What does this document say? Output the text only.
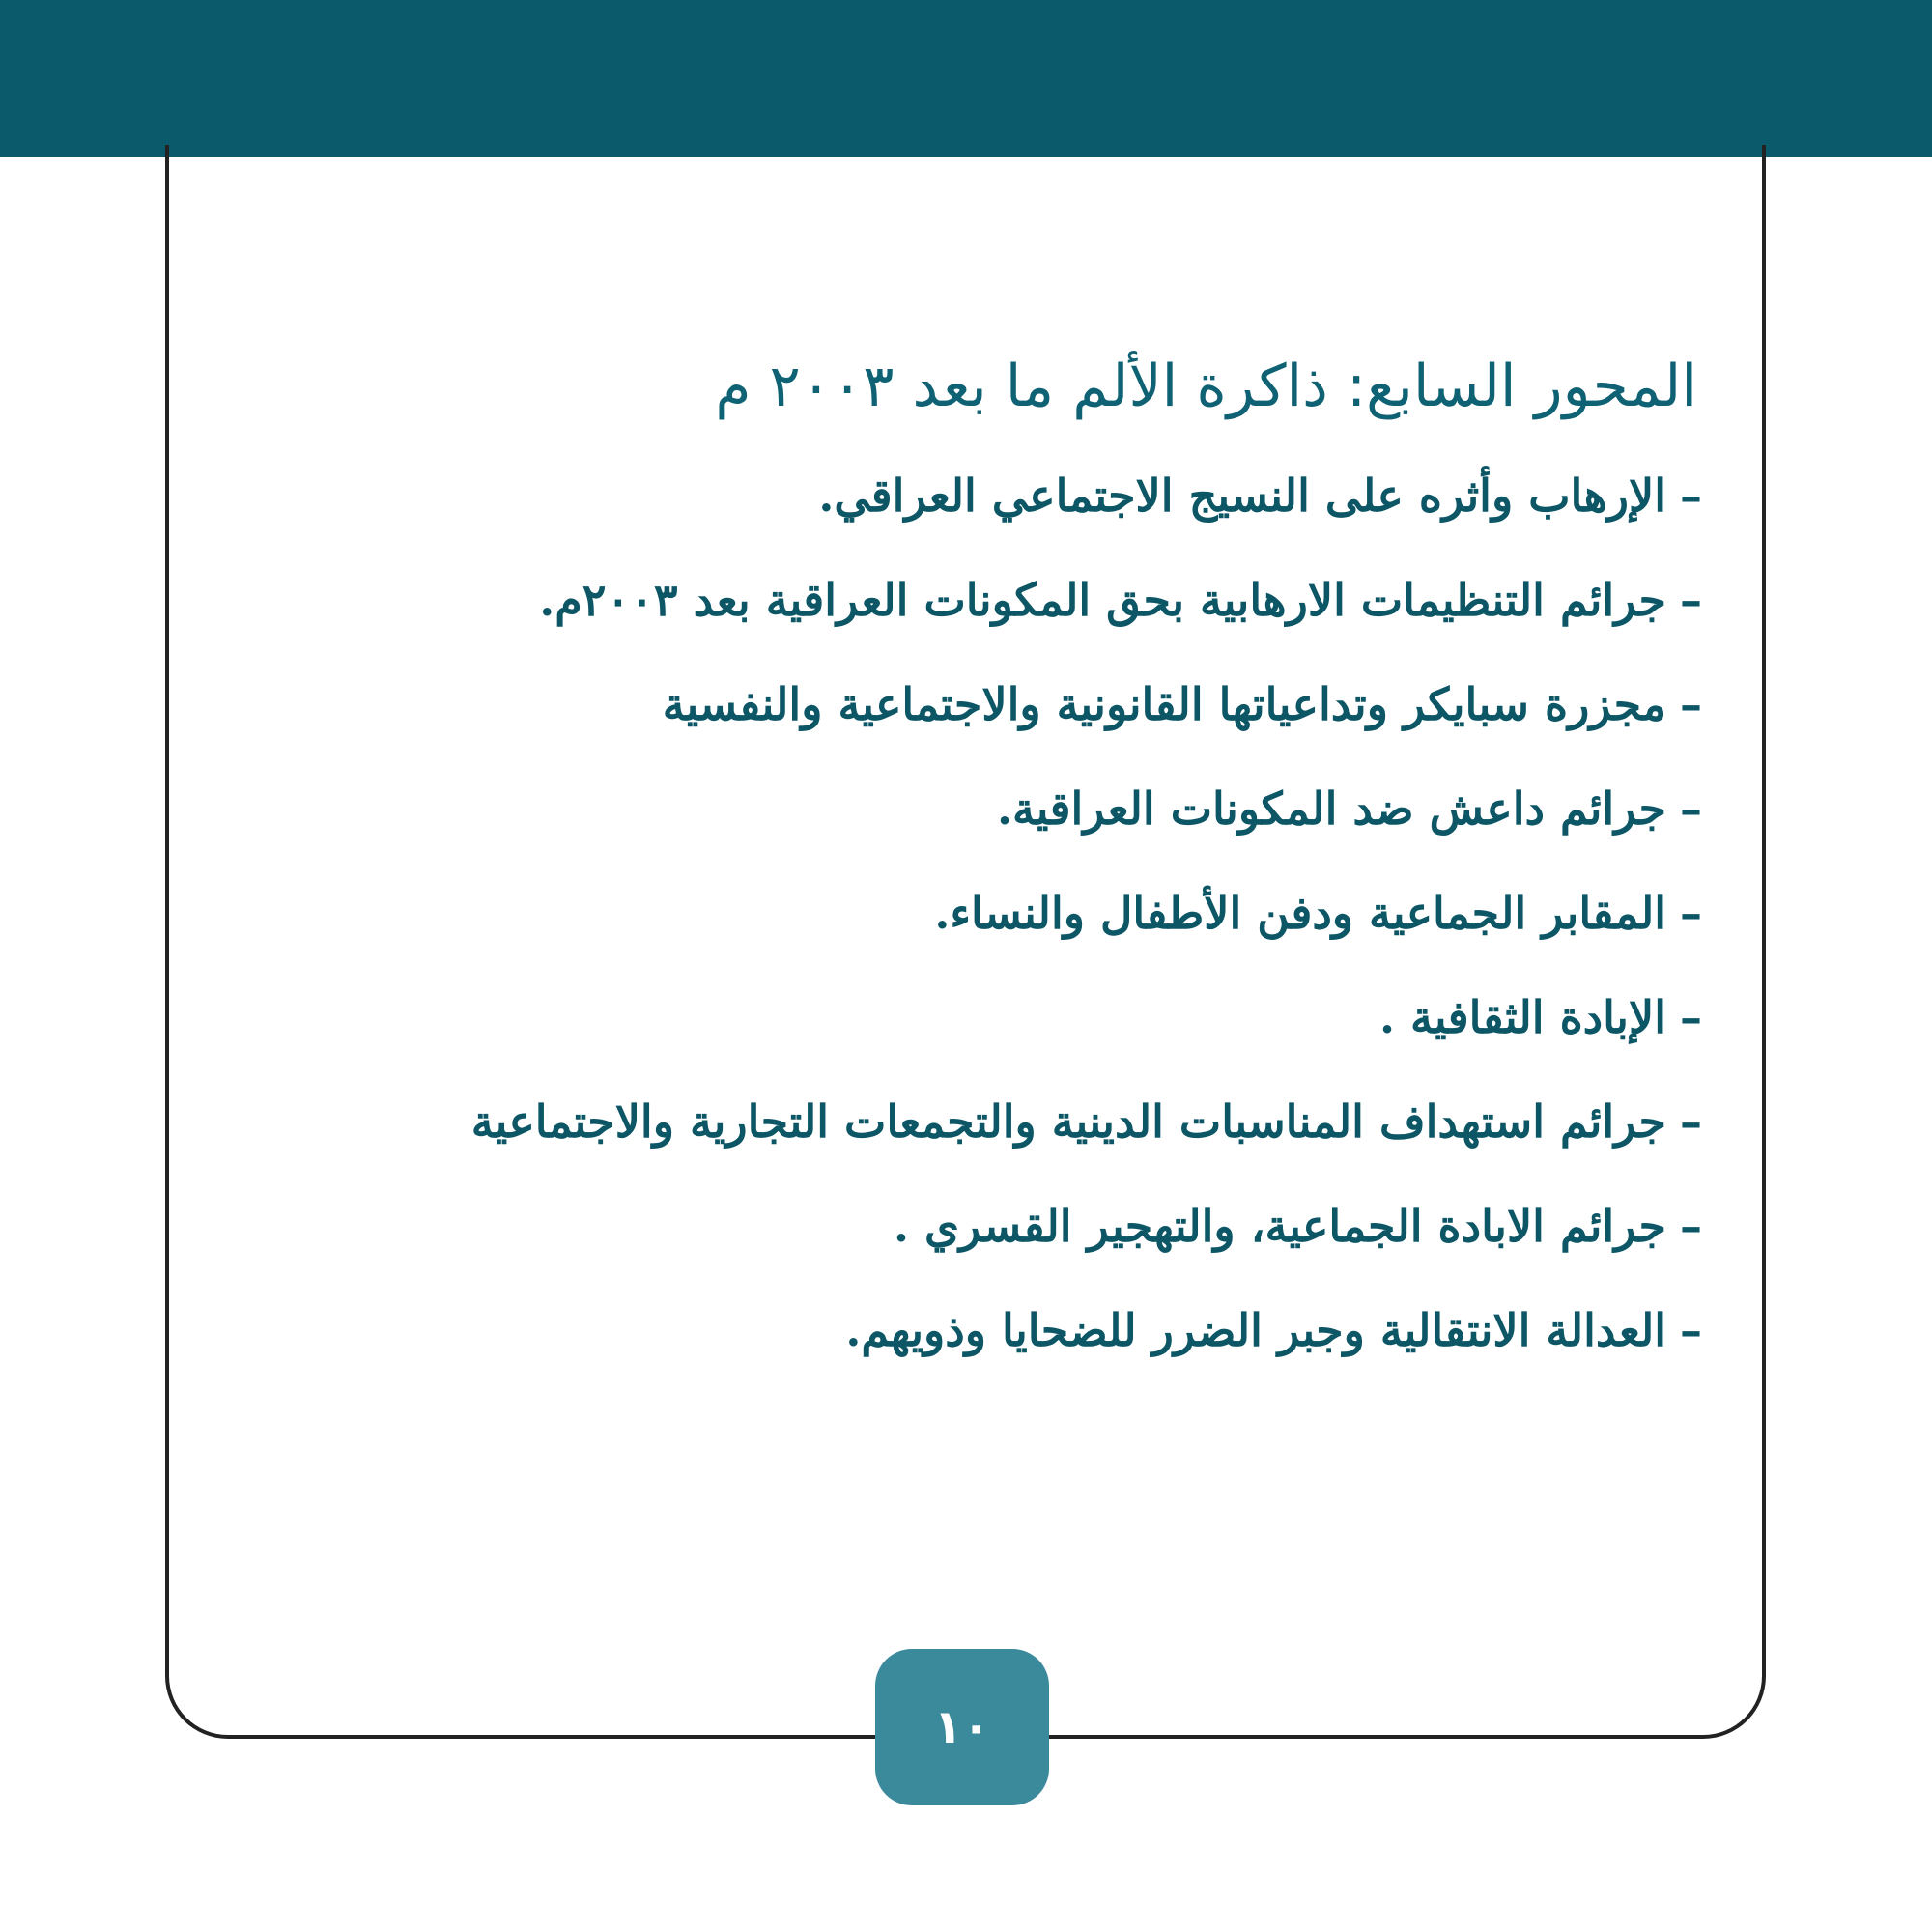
المحور السابع: ذاكرة الألم ما بعد ٢٠٠٣ م
–الإرهاب وأثره على النسيج الاجتماعي العراقي.
–جرائم التنظيمات الارهابية بحق المكونات العراقية بعد ٢٠٠٣م.
–مجزرة سبايكر وتداعياتها القانونية والاجتماعية والنفسية
–جرائم داعش ضد المكونات العراقية.
–المقابر الجماعية ودفن الأطفال والنساء.
–الإبادة الثقافية .
–جرائم استهداف المناسبات الدينية والتجمعات التجارية والاجتماعية
–جرائم الابادة الجماعية، والتهجير القسري .
–العدالة الانتقالية وجبر الضرر للضحايا وذويهم.
١٠
